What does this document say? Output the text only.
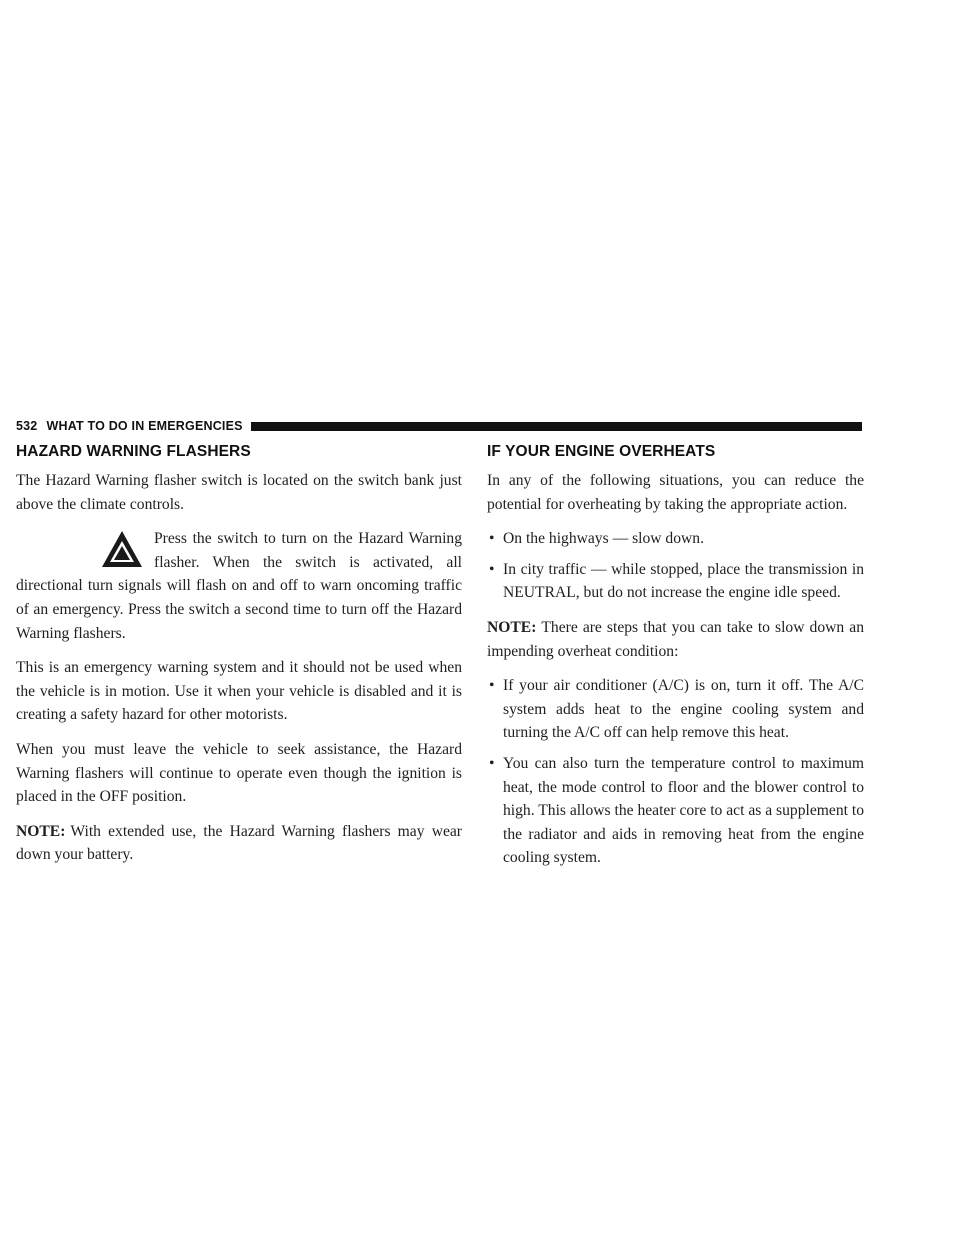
532 WHAT TO DO IN EMERGENCIES
HAZARD WARNING FLASHERS

The Hazard Warning flasher switch is located on the switch bank just above the climate controls.

Press the switch to turn on the Hazard Warning flasher. When the switch is activated, all directional turn signals will flash on and off to warn oncoming traffic of an emergency. Press the switch a second time to turn off the Hazard Warning flashers.

This is an emergency warning system and it should not be used when the vehicle is in motion. Use it when your vehicle is disabled and it is creating a safety hazard for other motorists.

When you must leave the vehicle to seek assistance, the Hazard Warning flashers will continue to operate even though the ignition is placed in the OFF position.

NOTE: With extended use, the Hazard Warning flashers may wear down your battery.

IF YOUR ENGINE OVERHEATS

In any of the following situations, you can reduce the potential for overheating by taking the appropriate action.

• On the highways — slow down.
• In city traffic — while stopped, place the transmission in NEUTRAL, but do not increase the engine idle speed.

NOTE: There are steps that you can take to slow down an impending overheat condition:

• If your air conditioner (A/C) is on, turn it off. The A/C system adds heat to the engine cooling system and turning the A/C off can help remove this heat.
• You can also turn the temperature control to maximum heat, the mode control to floor and the blower control to high. This allows the heater core to act as a supplement to the radiator and aids in removing heat from the engine cooling system.
